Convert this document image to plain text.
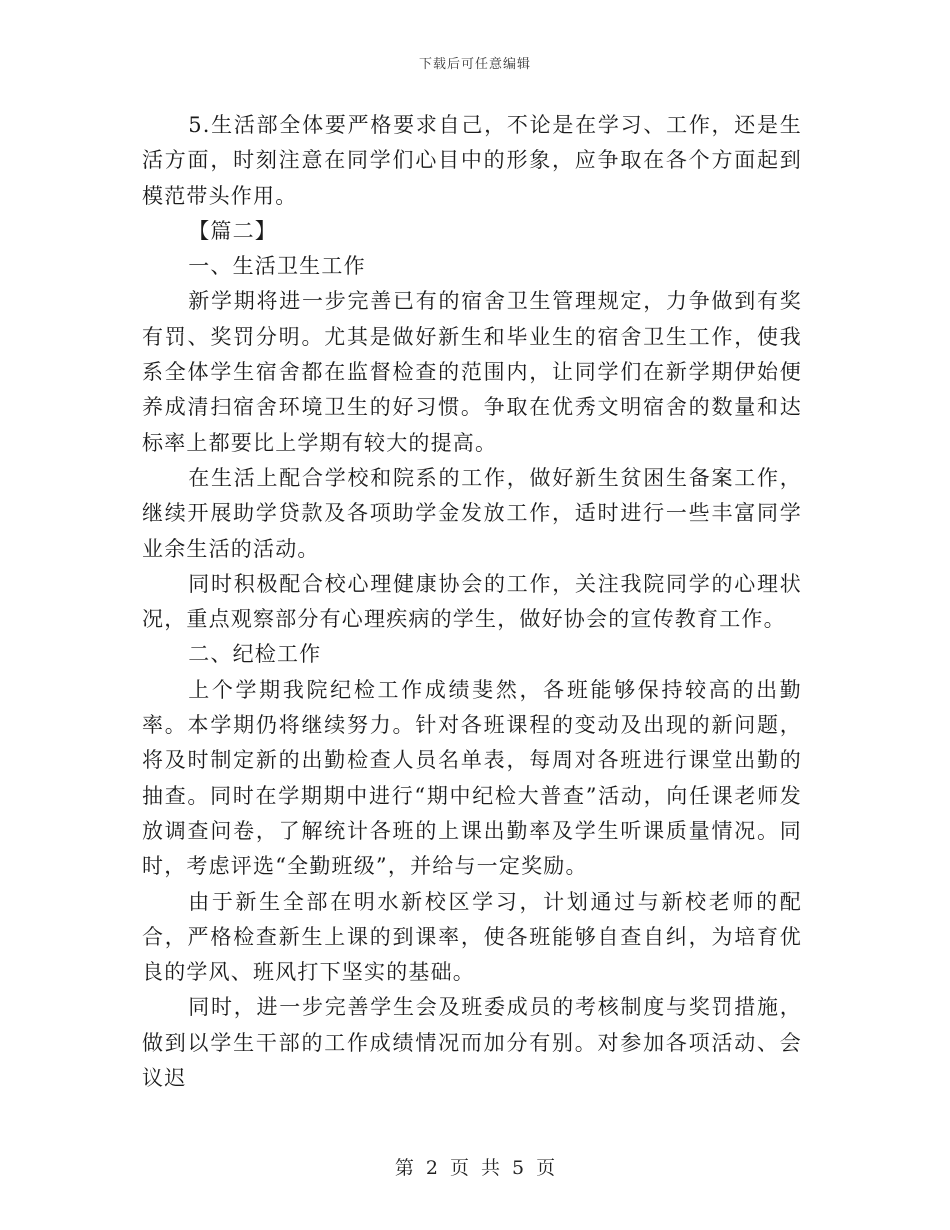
下载后可任意编辑

5.生活部全体要严格要求自己，不论是在学习、工作，还是生活方面，时刻注意在同学们心目中的形象，应争取在各个方面起到模范带头作用。

【篇二】

一、生活卫生工作

新学期将进一步完善已有的宿舍卫生管理规定，力争做到有奖有罚、奖罚分明。尤其是做好新生和毕业生的宿舍卫生工作，使我系全体学生宿舍都在监督检查的范围内，让同学们在新学期伊始便养成清扫宿舍环境卫生的好习惯。争取在优秀文明宿舍的数量和达标率上都要比上学期有较大的提高。

在生活上配合学校和院系的工作，做好新生贫困生备案工作，继续开展助学贷款及各项助学金发放工作，适时进行一些丰富同学业余生活的活动。

同时积极配合校心理健康协会的工作，关注我院同学的心理状况，重点观察部分有心理疾病的学生，做好协会的宣传教育工作。

二、纪检工作

上个学期我院纪检工作成绩斐然，各班能够保持较高的出勤率。本学期仍将继续努力。针对各班课程的变动及出现的新问题，将及时制定新的出勤检查人员名单表，每周对各班进行课堂出勤的抽查。同时在学期期中进行“期中纪检大普查”活动，向任课老师发放调查问卷，了解统计各班的上课出勤率及学生听课质量情况。同时，考虑评选“全勤班级”，并给与一定奖励。

由于新生全部在明水新校区学习，计划通过与新校老师的配合，严格检查新生上课的到课率，使各班能够自查自纠，为培育优良的学风、班风打下坚实的基础。

同时，进一步完善学生会及班委成员的考核制度与奖罚措施，做到以学生干部的工作成绩情况而加分有别。对参加各项活动、会议迟

第 2 页 共 5 页
